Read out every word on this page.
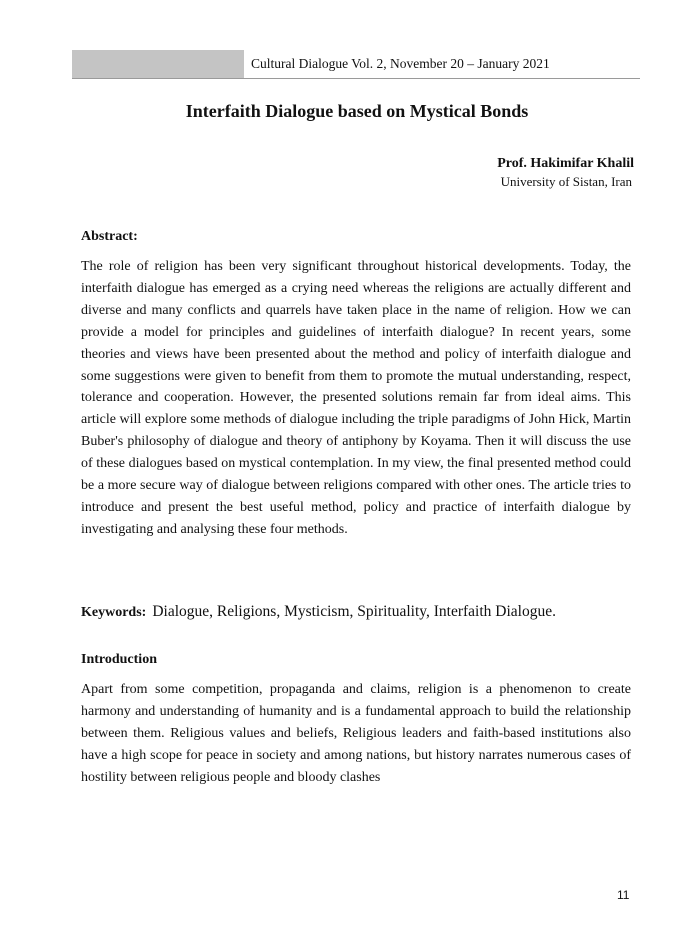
Cultural Dialogue Vol. 2, November 20 – January 2021
Interfaith Dialogue based on Mystical Bonds
Prof. Hakimifar Khalil
University of Sistan, Iran
Abstract:

The role of religion has been very significant throughout historical developments. Today, the interfaith dialogue has emerged as a crying need whereas the religions are actually different and diverse and many conflicts and quarrels have taken place in the name of religion. How we can provide a model for principles and guidelines of interfaith dialogue? In recent years, some theories and views have been presented about the method and policy of interfaith dialogue and some suggestions were given to benefit from them to promote the mutual understanding, respect, tolerance and cooperation. However, the presented solutions remain far from ideal aims. This article will explore some methods of dialogue including the triple paradigms of John Hick, Martin Buber's philosophy of dialogue and theory of antiphony by Koyama. Then it will discuss the use of these dialogues based on mystical contemplation. In my view, the final presented method could be a more secure way of dialogue between religions compared with other ones. The article tries to introduce and present the best useful method, policy and practice of interfaith dialogue by investigating and analysing these four methods.

Keywords: Dialogue, Religions, Mysticism, Spirituality, Interfaith Dialogue.
Introduction

Apart from some competition, propaganda and claims, religion is a phenomenon to create harmony and understanding of humanity and is a fundamental approach to build the relationship between them. Religious values and beliefs, Religious leaders and faith-based institutions also have a high scope for peace in society and among nations, but history narrates numerous cases of hostility between religious people and bloody clashes

11
